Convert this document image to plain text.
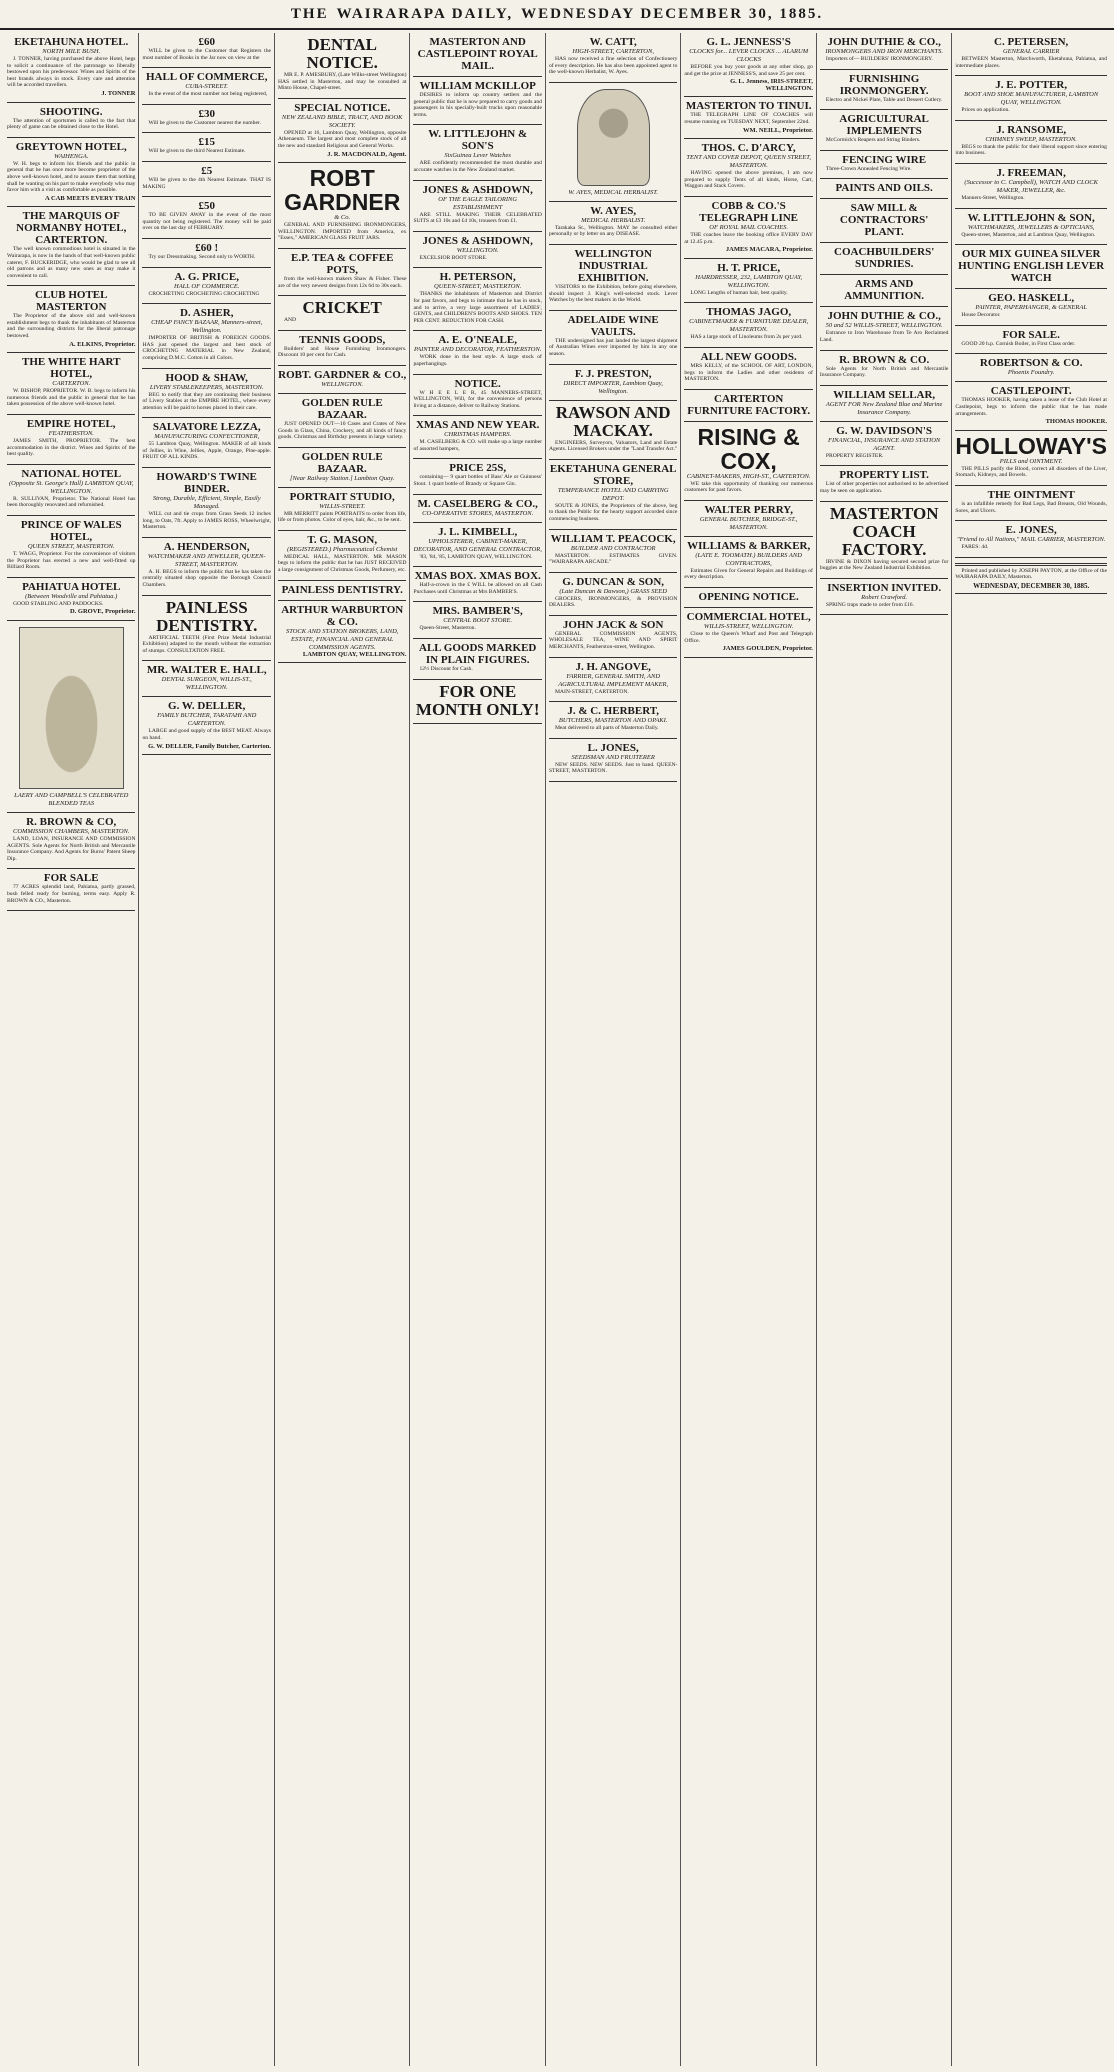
THE WAIRARAPA DAILY, WEDNESDAY DECEMBER 30, 1885.
EKETAHUNA HOTEL.
NORTH MILE BUSH.

J. TONNER, having purchased the above Hotel, begs to solicit a continuance of the patronage so liberally bestowed upon his predecessor. Wines and Spirits of the best brands always in stock. Every care and attention will be accorded travellers.

J. TONNER
SHOOTING.

The attention of sportsmen is called to the fact that plenty of game can be obtained close to the Hotel.

GREYTOWN HOTEL,
WAIHENGA.

W. H. begs to inform his friends and the public in general that he has once more become proprietor of the above well-known hotel, and to assure them that nothing shall be wanting on his part to make everybody who may favor him with a visit as comfortable as possible.

A CAB MEETS EVERY TRAIN
THE MARQUIS OF NORMANBY HOTEL, CARTERTON.

The well known commodious hotel is situated in the Wairarapa, is now in the hands of that well-known public caterer, F. BUCKERIDGE, who would be glad to see all old patrons and as many new ones as may make it convenient to call.

CLUB HOTEL MASTERTON

The Proprietor of the above old and well-known establishment begs to thank the inhabitants of Masterton and the surrounding districts for the liberal patronage bestowed.

A. ELKINS, Proprietor.
THE WHITE HART HOTEL,
CARTERTON.

W. BISHOP, PROPRIETOR. W. B. begs to inform his numerous friends and the public in general that he has taken possession of the above well-known hotel.

EMPIRE HOTEL,
FEATHERSTON.

JAMES SMITH, PROPRIETOR. The best accommodation in the district. Wines and Spirits of the best quality.

NATIONAL HOTEL
(Opposite St. George's Hall) LAMBTON QUAY, WELLINGTON.

R. SULLIVAN, Proprietor. The National Hotel has been thoroughly renovated and refurnished.

PRINCE OF WALES HOTEL,
QUEEN STREET, MASTERTON.

T. WAGG, Proprietor. For the convenience of visitors the Proprietor has erected a new and well-fitted up Billiard Room.

PAHIATUA HOTEL
(Between Woodville and Pahiatua.)

GOOD STABLING AND PADDOCKS.

D. GROVE, Proprietor.
LAERY AND CAMPBELL'S CELEBRATED BLENDED TEAS
R. BROWN & CO,
COMMISSION CHAMBERS, MASTERTON.

LAND, LOAN, INSURANCE AND COMMISSION AGENTS. Sole Agents for North British and Mercantile Insurance Company. And Agents for Burns' Patent Sheep Dip.

FOR SALE

77 ACRES splendid land, Pahiatua, partly grassed, bush felled ready for burning, terms easy. Apply R. BROWN & CO., Masterton.

£60

WILL be given to the Customer that Registers the most number of Books in the Jar now on view at the

HALL OF COMMERCE,
CUBA-STREET.

In the event of the most number not being registered,

£30

Will be given to the Customer nearest the number.

£15

Will be given to the third Nearest Estimate.

£5

Will be given to the 4th Nearest Estimate. THAT IS MAKING

£50

TO BE GIVEN AWAY in the event of the most quantity not being registered. The money will be paid over on the last day of FEBRUARY.

£60 !

Try our Dressmaking. Second only to WORTH.

A. G. PRICE,
HALL OF COMMERCE.

CROCHETING CROCHETING CROCHETING

D. ASHER,
CHEAP FANCY BAZAAR, Manners-street, Wellington.

IMPORTER OF BRITISH & FOREIGN GOODS. HAS just opened the largest and best stock of CROCHETING MATERIAL in New Zealand, comprising D.M.C. Cotton in all Colors.

HOOD & SHAW,
LIVERY STABLEKEEPERS, MASTERTON.

BEG to notify that they are continuing their business of Livery Stables at the EMPIRE HOTEL, where every attention will be paid to horses placed in their care.

SALVATORE LEZZA,
MANUFACTURING CONFECTIONER,

55 Lambton Quay, Wellington. MAKER of all kinds of Jellies, in Wine, Jellies, Apple, Orange, Pine-apple. FRUIT OF ALL KINDS.

HOWARD'S TWINE BINDER.
Strong, Durable, Efficient, Simple, Easily Managed.

WILL cut and tie crops from Grass Seeds 12 inches long, to Oats, 7ft. Apply to JAMES ROSS, Wheelwright, Masterton.

A. HENDERSON,
WATCHMAKER AND JEWELLER, QUEEN-STREET, MASTERTON.

A. H. BEGS to inform the public that he has taken the centrally situated shop opposite the Borough Council Chambers.

PAINLESS DENTISTRY.

ARTIFICIAL TEETH (First Prize Medal Industrial Exhibition) adapted to the mouth without the extraction of stumps. CONSULTATION FREE.

MR. WALTER E. HALL,
DENTAL SURGEON, WILLIS-ST., WELLINGTON.
G. W. DELLER,
FAMILY BUTCHER, TARATAHI AND CARTERTON.

LARGE and good supply of the BEST MEAT. Always on hand.

G. W. DELLER, Family Butcher, Carterton.
DENTAL NOTICE.

MR E. P. AMESBURY, (Late Wilks-street Wellington) HAS settled in Masterton, and may be consulted at Minto House, Chapel-street.

SPECIAL NOTICE.
NEW ZEALAND BIBLE, TRACT, AND BOOK SOCIETY.

OPENED at 16, Lambton Quay, Wellington, opposite Athenaeum. The largest and most complete stock of all the new and standard Religious and General Works.

J. R. MACDONALD, Agent.
ROBT GARDNER
& Co.

GENERAL AND FURNISHING IRONMONGERS, WELLINGTON. IMPORTED from America, ex "Essex," AMERICAN GLASS FRUIT JARS.

E.P. TEA & COFFEE POTS,

from the well-known makers Shaw & Fisher. These are of the very newest designs from 12s 6d to 30s each.

CRICKET

AND

TENNIS GOODS,

Builders' and House Furnishing Ironmongers. Discount 10 per cent for Cash.

ROBT. GARDNER & CO.,
WELLINGTON.
GOLDEN RULE BAZAAR.

JUST OPENED OUT—10 Cases and Crates of New Goods in Glass, China, Crockery, and all kinds of fancy goods. Christmas and Birthday presents in large variety.

GOLDEN RULE BAZAAR.
[Near Railway Station.] Lambton Quay.
PORTRAIT STUDIO,
WILLIS-STREET.

MR MERRITT paints PORTRAITS to order from life, life or from photos. Color of eyes, hair, &c., to be sent.

T. G. MASON,
(REGISTERED.) Pharmaceutical Chemist

MEDICAL HALL, MASTERTON. MR MASON begs to inform the public that he has JUST RECEIVED a large consignment of Christmas Goods, Perfumery, etc.

PAINLESS DENTISTRY.
ARTHUR WARBURTON & CO.
STOCK AND STATION BROKERS, LAND, ESTATE, FINANCIAL AND GENERAL COMMISSION AGENTS.
LAMBTON QUAY, WELLINGTON.
MASTERTON AND CASTLEPOINT ROYAL MAIL.
WILLIAM MCKILLOP

DESIRES to inform up country settlers and the general public that he is now prepared to carry goods and passengers in his specially-built trucks upon reasonable terms.

W. LITTLEJOHN & SON'S
SixGuinea Lever Watches

ARE confidently recommended the most durable and accurate watches in the New Zealand market.

JONES & ASHDOWN,
OF THE EAGLE TAILORING ESTABLISHMENT

ARE STILL MAKING THEIR CELEBRATED SUITS at £3 10s and £4 10s, trousers from £1.

JONES & ASHDOWN,
WELLINGTON.

EXCELSIOR BOOT STORE.

H. PETERSON,
QUEEN-STREET, MASTERTON.

THANKS the inhabitants of Masterton and District for past favors, and begs to intimate that he has in stock, and to arrive, a very large assortment of LADIES', GENTS, and CHILDREN'S BOOTS AND SHOES. TEN PER CENT. REDUCTION FOR CASH.

A. E. O'NEALE,
PAINTER AND DECORATOR, FEATHERSTON.

WORK done in the best style. A large stock of paperhangings.

NOTICE.

W H E E L E R, 45 MANNERS-STREET, WELLINGTON, Will, for the convenience of persons living at a distance, deliver to Railway Stations.

XMAS AND NEW YEAR.
CHRISTMAS HAMPERS.

M. CASELBERG & CO. will make up a large number of assorted hampers,

PRICE 25S,

containing— 9 quart bottles of Bass' Ale or Guinness' Stout. 1 quart bottle of Brandy or Square Gin.

M. CASELBERG & CO.,
CO-OPERATIVE STORES, MASTERTON.
J. L. KIMBELL,
UPHOLSTERER, CABINET-MAKER, DECORATOR, AND GENERAL CONTRACTOR,

'83, '84, '85, LAMBTON QUAY, WELLINGTON.

XMAS BOX. XMAS BOX.

Half-a-crown in the £ WILL be allowed on all Cash Purchases until Christmas at Mrs BAMBER'S.

MRS. BAMBER'S,
CENTRAL BOOT STORE.

Queen-Street, Masterton.

ALL GOODS MARKED IN PLAIN FIGURES.

12½ Discount for Cash.

FOR ONE MONTH ONLY!
W. CATT,
HIGH-STREET, CARTERTON,

HAS now received a fine selection of Confectionery of every description. He has also been appointed agent to the well-known Herbalist, W. Ayes.

W. AYES, MEDICAL HERBALIST.
W. AYES,
MEDICAL HERBALIST.

Tarakaka St., Wellington. MAY be consulted either personally or by letter on any DISEASE.

WELLINGTON INDUSTRIAL EXHIBITION.

VISITORS to the Exhibition, before going elsewhere, should inspect J. King's well-selected stock. Lever Watches by the best makers in the World.

ADELAIDE WINE VAULTS.

THE undersigned has just landed the largest shipment of Australian Wines ever imported by him in any one season.

F. J. PRESTON,
DIRECT IMPORTER, Lambton Quay, Wellington.
RAWSON AND MACKAY.

ENGINEERS, Surveyors, Valuators, Land and Estate Agents. Licensed Brokers under the "Land Transfer Act."

EKETAHUNA GENERAL STORE,
TEMPERANCE HOTEL AND CARRYING DEPOT.

SOUTE & JONES, the Proprietors of the above, beg to thank the Public for the hearty support accorded since commencing business.

WILLIAM T. PEACOCK,
BUILDER AND CONTRACTOR

MASTERTON. ESTIMATES GIVEN. "WAIRARAPA ARCADE."

G. DUNCAN & SON,
(Late Duncan & Dawson,) GRASS SEED

GROCERS, IRONMONGERS, & PROVISION DEALERS.

JOHN JACK & SON

GENERAL COMMISSION AGENTS, WHOLESALE TEA, WINE AND SPIRIT MERCHANTS, Featherston-street, Wellington.

J. H. ANGOVE,
FARRIER, GENERAL SMITH, AND AGRICULTURAL IMPLEMENT MAKER,

MAIN-STREET, CARTERTON.

J. & C. HERBERT,
BUTCHERS, MASTERTON AND OPAKI.

Meat delivered to all parts of Masterton Daily.

L. JONES,
SEEDSMAN AND FRUITERER

NEW SEEDS. NEW SEEDS. Just to hand. QUEEN-STREET, MASTERTON.

G. L. JENNESS'S
CLOCKS for... LEVER CLOCKS ... ALARUM CLOCKS

BEFORE you buy your goods at any other shop, go and get the price at JENNESS'S, and save 25 per cent.

G. L. Jenness, IRIS-STREET, WELLINGTON.
MASTERTON TO TINUI.

THE TELEGRAPH LINE OF COACHES will resume running on TUESDAY NEXT, September 22nd.

WM. NEILL, Proprietor.
THOS. C. D'ARCY,
TENT AND COVER DEPOT, QUEEN STREET, MASTERTON.

HAVING opened the above premises, I am now prepared to supply Tents of all kinds, Horse, Cart, Waggon and Stack Covers.

COBB & CO.'S TELEGRAPH LINE
OF ROYAL MAIL COACHES.

THE coaches leave the booking office EVERY DAY at 12.45 p.m.

JAMES MACARA, Proprietor.
H. T. PRICE,
HAIRDRESSER, 232, LAMBTON QUAY, WELLINGTON.

LONG Lengths of human hair, best quality.

THOMAS JAGO,
CABINETMAKER & FURNITURE DEALER, MASTERTON.

HAS a large stock of Linoleums from 2s per yard.

ALL NEW GOODS.

MRS KELLY, of the SCHOOL OF ART, LONDON, begs to inform the Ladies and other residents of MASTERTON.

CARTERTON FURNITURE FACTORY.
RISING & COX,
CABINET-MAKERS, HIGH-ST., CARTERTON.

WE take this opportunity of thanking our numerous customers for past favors.

WALTER PERRY,
GENERAL BUTCHER, BRIDGE-ST., MASTERTON.
WILLIAMS & BARKER,
(LATE E. TOOMATH.) BUILDERS AND CONTRACTORS,

Estimates Given for General Repairs and Buildings of every description.

OPENING NOTICE.
COMMERCIAL HOTEL,
WILLIS-STREET, WELLINGTON.

Close to the Queen's Wharf and Post and Telegraph Office.

JAMES GOULDEN, Proprietor.
JOHN DUTHIE & CO.,
IRONMONGERS AND IRON MERCHANTS.

Importers of— BUILDERS' IRONMONGERY.

FURNISHING IRONMONGERY.

Electro and Nickel Plate, Table and Dessert Cutlery.

AGRICULTURAL IMPLEMENTS

McCormick's Reapers and String Binders.

FENCING WIRE

Three-Crown Annealed Fencing Wire.

PAINTS AND OILS.
SAW MILL & CONTRACTORS' PLANT.
COACHBUILDERS' SUNDRIES.
ARMS AND AMMUNITION.
JOHN DUTHIE & CO.,
50 and 52 WILLIS-STREET, WELLINGTON.

Entrance to Iron Warehouse from Te Aro Reclaimed Land.

R. BROWN & CO.

Sole Agents for North British and Mercantile Insurance Company.

WILLIAM SELLAR,
AGENT FOR New Zealand Blue and Marine Insurance Company.
G. W. DAVIDSON'S
FINANCIAL, INSURANCE AND STATION AGENT.

PROPERTY REGISTER.

PROPERTY LIST.

List of other properties not authorised to be advertised may be seen on application.

MASTERTON COACH FACTORY.

IRVINE & DIXON having secured second prize for buggies at the New Zealand Industrial Exhibition.

INSERTION INVITED.
Robert Crawford.

SPRING traps made to order from £16.

C. PETERSEN,
GENERAL CARRIER

BETWEEN Masterton, Marchworth, Eketahuna, Pahiatua, and intermediate places.

J. E. POTTER,
BOOT AND SHOE MANUFACTURER, LAMBTON QUAY, WELLINGTON.

Prices on application.

J. RANSOME,
CHIMNEY SWEEP, MASTERTON.

BEGS to thank the public for their liberal support since entering into business.

J. FREEMAN,
(Successor to C. Campbell), WATCH AND CLOCK MAKER, JEWELLER, &c.

Manners-Street, Wellington.

W. LITTLEJOHN & SON,
WATCHMAKERS, JEWELLERS & OPTICIANS,

Queen-street, Masterton, and at Lambton Quay, Wellington.

OUR MIX GUINEA SILVER HUNTING ENGLISH LEVER WATCH
GEO. HASKELL,
PAINTER, PAPERHANGER, & GENERAL

House Decorator.

FOR SALE.

GOOD 20 h.p. Cornish Boiler, in First Class order.

ROBERTSON & CO.
Phoenix Foundry.
CASTLEPOINT.

THOMAS HOOKER, having taken a lease of the Club Hotel at Castlepoint, begs to inform the public that he has made arrangements.

THOMAS HOOKER.
HOLLOWAY'S
PILLS and OINTMENT.

THE PILLS purify the Blood, correct all disorders of the Liver, Stomach, Kidneys, and Bowels.

THE OINTMENT

is an infallible remedy for Bad Legs, Bad Breasts, Old Wounds, Sores, and Ulcers.

E. JONES,
"Friend to All Nations," MAIL CARRIER, MASTERTON.

FARES: 4d.

Printed and published by JOSEPH PAYTON, at the Office of the WAIRARAPA DAILY, Masterton.

WEDNESDAY, DECEMBER 30, 1885.
